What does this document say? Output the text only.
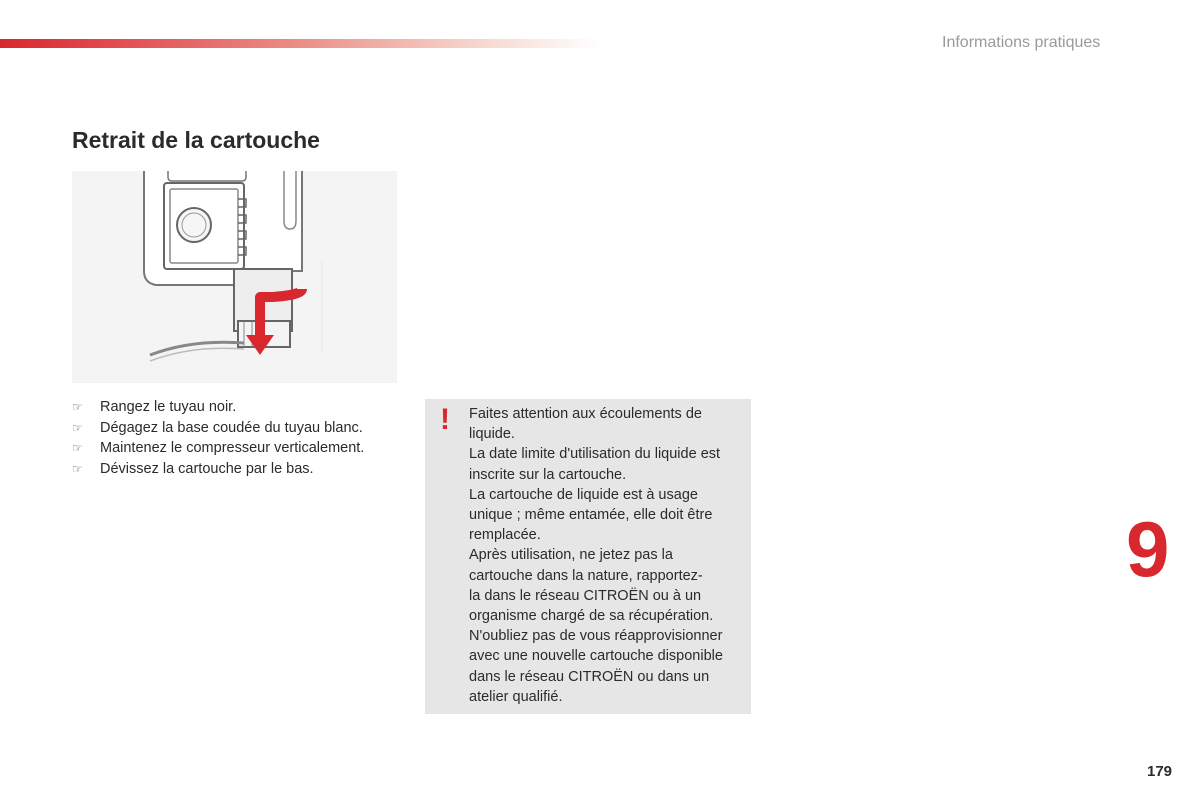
Informations pratiques
Retrait de la cartouche
☞ Rangez le tuyau noir.
☞ Dégagez la base coudée du tuyau blanc.
☞ Maintenez le compresseur verticalement.
☞ Dévissez la cartouche par le bas.
! Faites attention aux écoulements de

liquide.

La date limite d'utilisation du liquide est

inscrite sur la cartouche.

La cartouche de liquide est à usage

unique ; même entamée, elle doit être

remplacée.

Après utilisation, ne jetez pas la

cartouche dans la nature, rapportez-

la dans le réseau CITROËN ou à un

organisme chargé de sa récupération.

N'oubliez pas de vous réapprovisionner

avec une nouvelle cartouche disponible

dans le réseau CITROËN ou dans un

atelier qualifié.

9
179
